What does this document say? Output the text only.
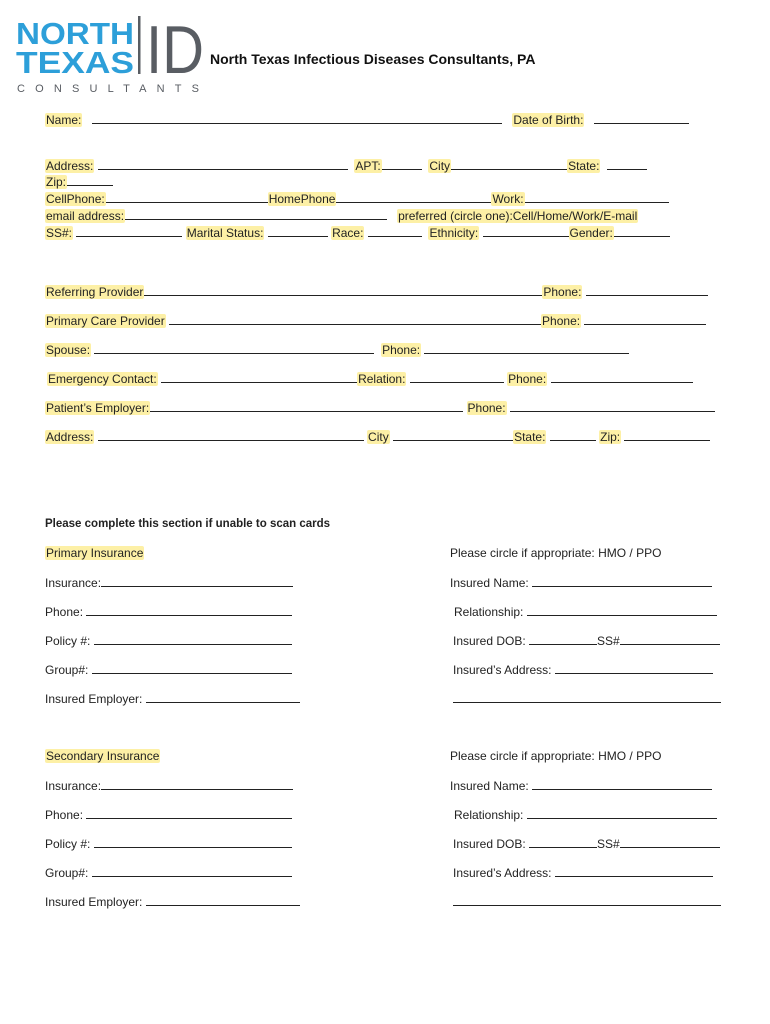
NORTH
TEXAS ID
CONSULTANTS
North Texas Infectious Diseases Consultants, PA
Name:	Date of Birth:
Address:	APT:	City	State:
Zip:
CellPhone:	HomePhone	Work:
email address:	preferred (circle one):Cell/Home/Work/E-mail
SS#:	Marital Status:	Race:	Ethnicity:	Gender:
Referring Provider	Phone:
Primary Care Provider	Phone:
Spouse:	Phone:
Emergency Contact:	Relation:	Phone:
Patient’s Employer:	Phone:
Address:	City	State:	Zip:
Please complete this section if unable to scan cards
Primary Insurance	Please circle if appropriate: HMO / PPO
Insurance:	Insured Name:
Phone:	Relationship:
Policy #:	Insured DOB:	SS#
Group#:	Insured’s Address:
Insured Employer:
Secondary Insurance	Please circle if appropriate: HMO / PPO
Insurance:	Insured Name:
Phone:	Relationship:
Policy #:	Insured DOB:	SS#
Group#:	Insured’s Address:
Insured Employer:
